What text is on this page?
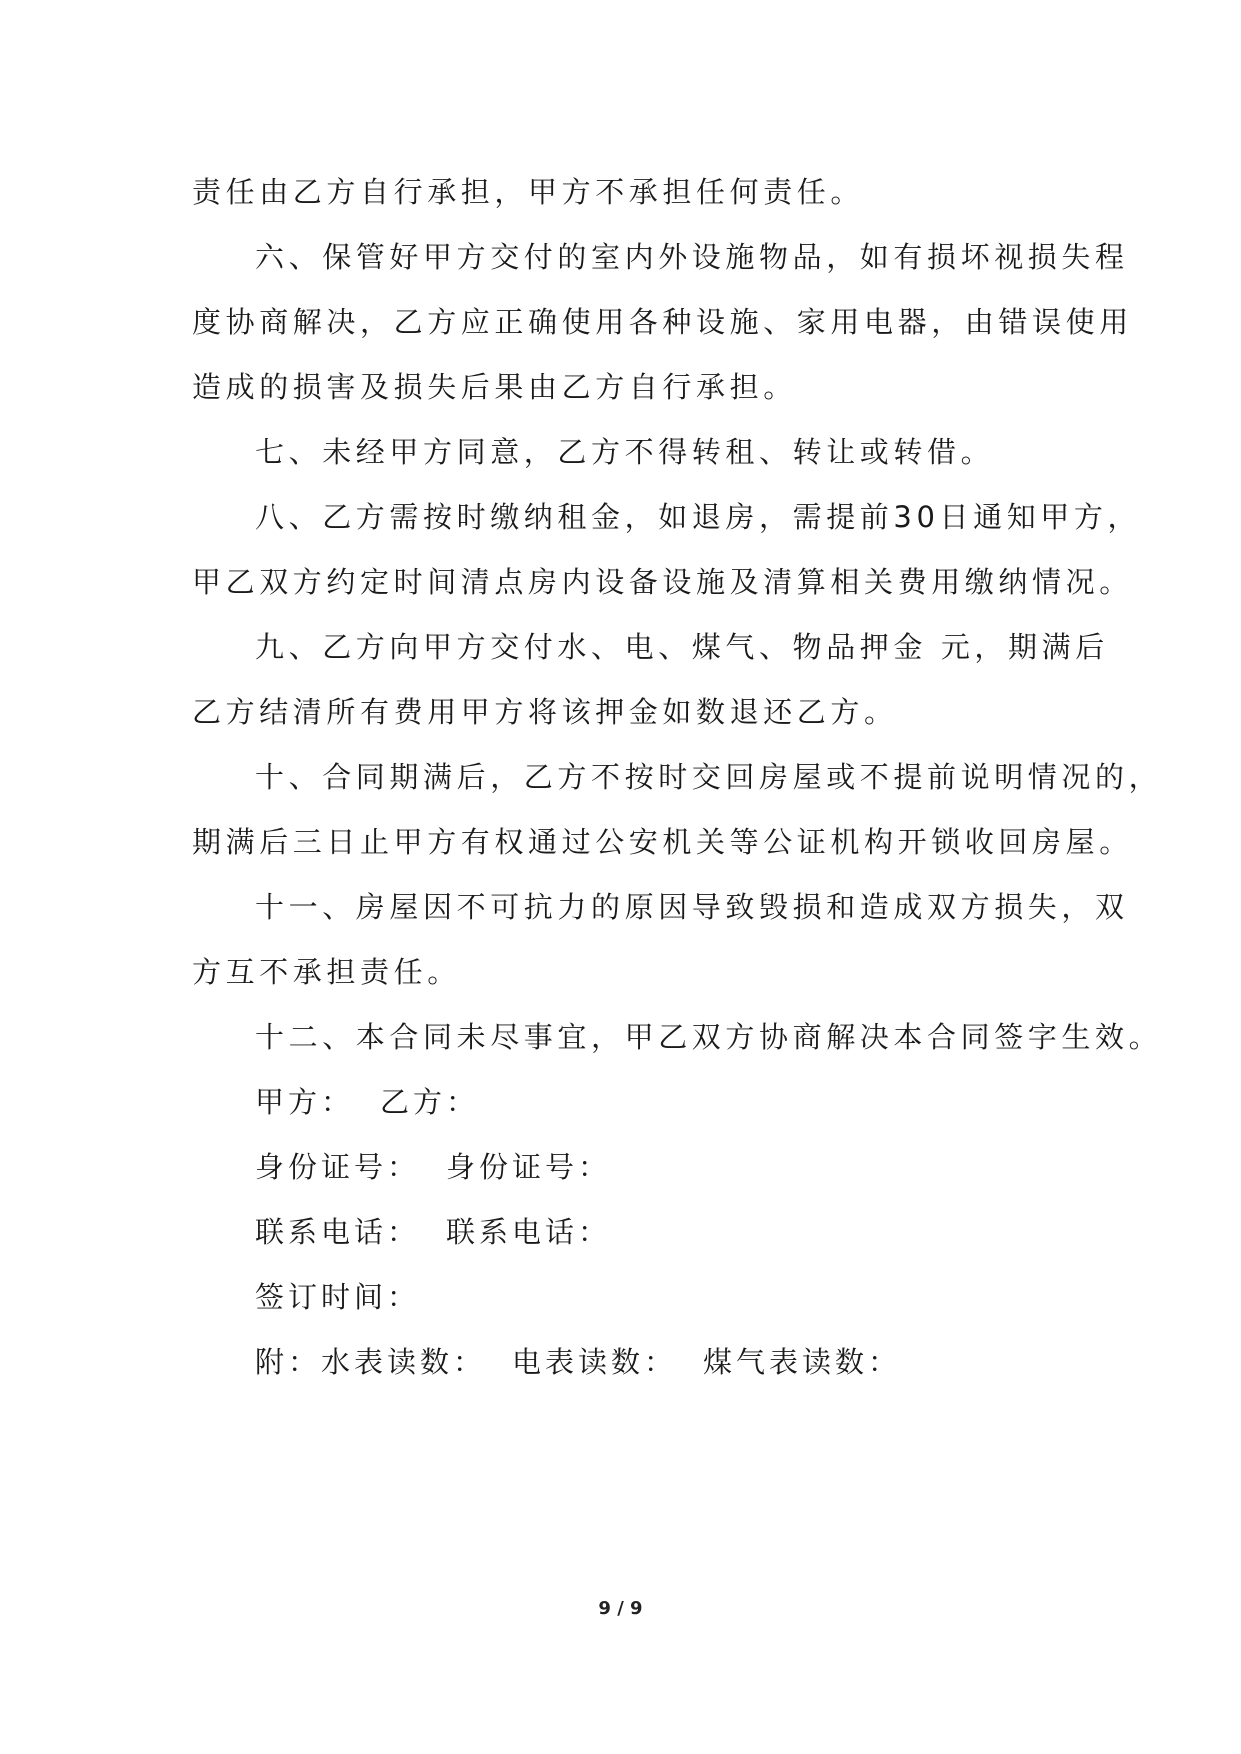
责任由乙方自行承担，甲方不承担任何责任。
六、保管好甲方交付的室内外设施物品，如有损坏视损失程
度协商解决，乙方应正确使用各种设施、家用电器，由错误使用
造成的损害及损失后果由乙方自行承担。
七、未经甲方同意，乙方不得转租、转让或转借。
八、乙方需按时缴纳租金，如退房，需提前30日通知甲方，
甲乙双方约定时间清点房内设备设施及清算相关费用缴纳情况。
九、乙方向甲方交付水、电、煤气、物品押金 元，期满后
乙方结清所有费用甲方将该押金如数退还乙方。
十、合同期满后，乙方不按时交回房屋或不提前说明情况的，
期满后三日止甲方有权通过公安机关等公证机构开锁收回房屋。
十一、房屋因不可抗力的原因导致毁损和造成双方损失，双
方互不承担责任。
十二、本合同未尽事宜，甲乙双方协商解决本合同签字生效。
甲方： 乙方：
身份证号： 身份证号：
联系电话： 联系电话：
签订时间：
附：水表读数： 电表读数： 煤气表读数：
9 / 9
